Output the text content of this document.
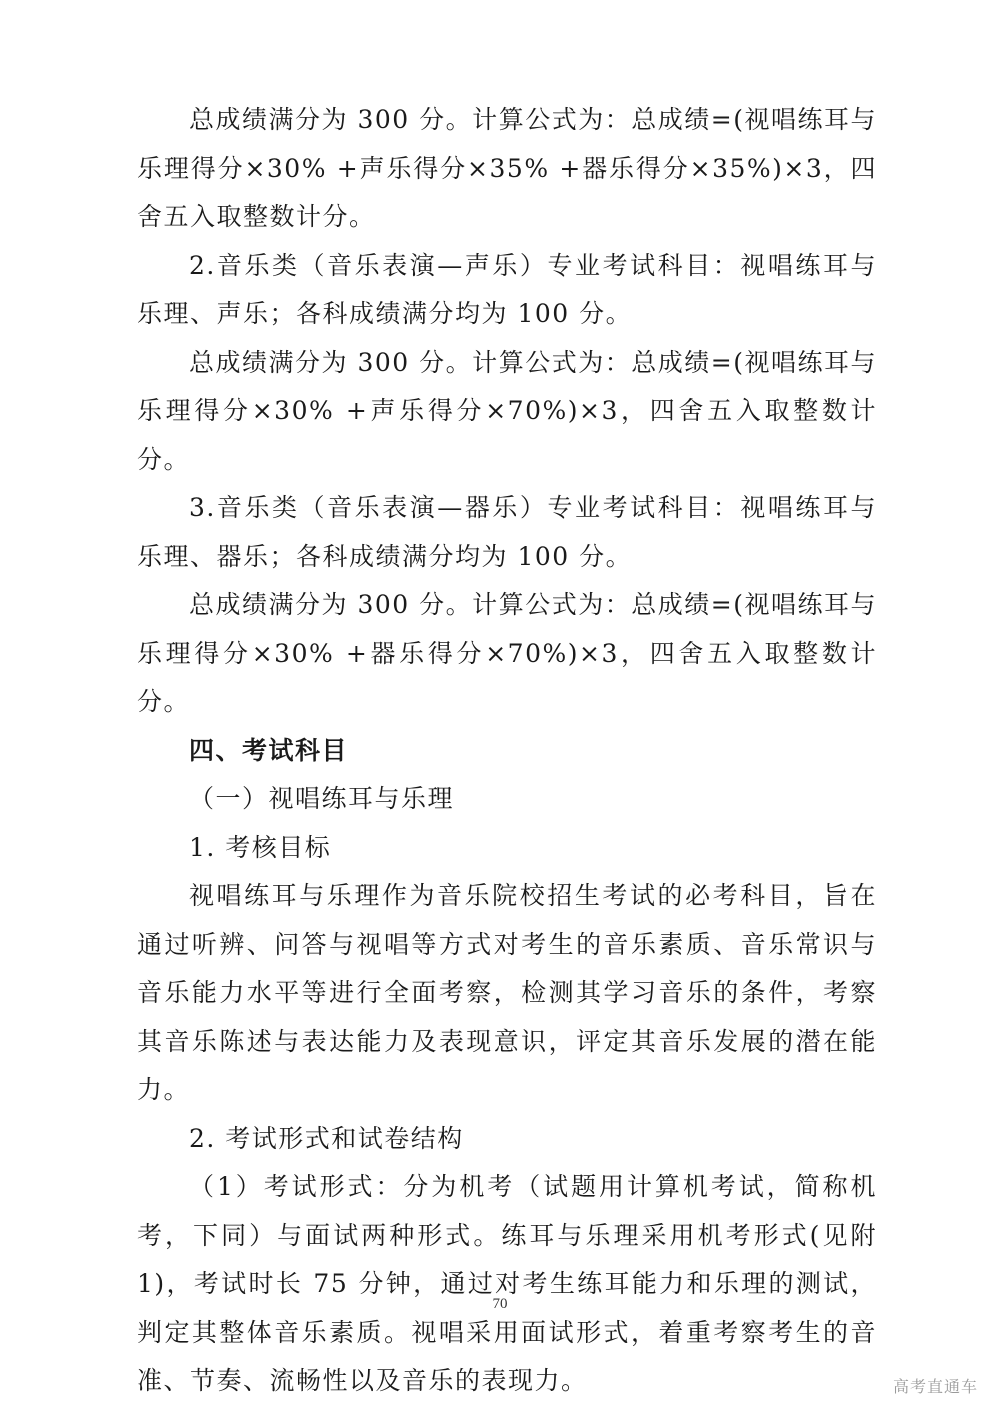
总成绩满分为 300 分。计算公式为：总成绩=(视唱练耳与乐理得分×30% +声乐得分×35% +器乐得分×35%)×3，四舍五入取整数计分。

2.音乐类（音乐表演—声乐）专业考试科目：视唱练耳与乐理、声乐；各科成绩满分均为 100 分。

总成绩满分为 300 分。计算公式为：总成绩=(视唱练耳与乐理得分×30% +声乐得分×70%)×3，四舍五入取整数计分。

3.音乐类（音乐表演—器乐）专业考试科目：视唱练耳与乐理、器乐；各科成绩满分均为 100 分。

总成绩满分为 300 分。计算公式为：总成绩=(视唱练耳与乐理得分×30% +器乐得分×70%)×3，四舍五入取整数计分。

四、考试科目

（一）视唱练耳与乐理

1. 考核目标

视唱练耳与乐理作为音乐院校招生考试的必考科目，旨在通过听辨、问答与视唱等方式对考生的音乐素质、音乐常识与音乐能力水平等进行全面考察，检测其学习音乐的条件，考察其音乐陈述与表达能力及表现意识，评定其音乐发展的潜在能力。

2. 考试形式和试卷结构

（1）考试形式：分为机考（试题用计算机考试，简称机考，下同）与面试两种形式。练耳与乐理采用机考形式(见附1)，考试时长 75 分钟，通过对考生练耳能力和乐理的测试，判定其整体音乐素质。视唱采用面试形式，着重考察考生的音准、节奏、流畅性以及音乐的表现力。

70
高考直通车
